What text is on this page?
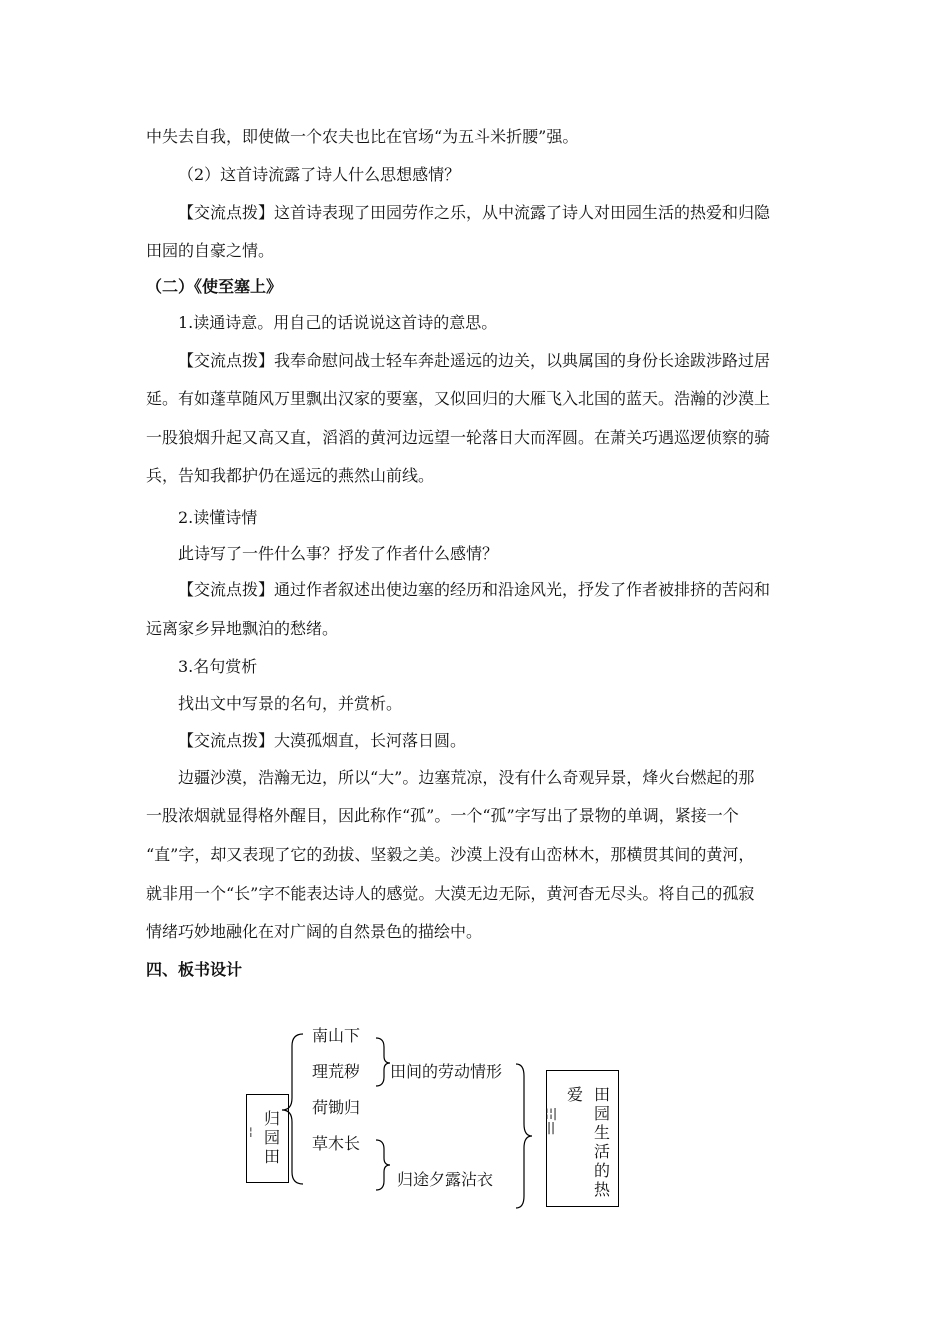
中失去自我，即使做一个农夫也比在官场“为五斗米折腰”强。
（2）这首诗流露了诗人什么思想感情？
【交流点拨】这首诗表现了田园劳作之乐，从中流露了诗人对田园生活的热爱和归隐
田园的自豪之情。
（二）《使至塞上》
1.读通诗意。用自己的话说说这首诗的意思。
【交流点拨】我奉命慰问战士轻车奔赴遥远的边关，以典属国的身份长途跋涉路过居
延。有如蓬草随风万里飘出汉家的要塞，又似回归的大雁飞入北国的蓝天。浩瀚的沙漠上
一股狼烟升起又高又直，滔滔的黄河边远望一轮落日大而浑圆。在萧关巧遇巡逻侦察的骑
兵，告知我都护仍在遥远的燕然山前线。
2.读懂诗情
此诗写了一件什么事？抒发了作者什么感情？
【交流点拨】通过作者叙述出使边塞的经历和沿途风光，抒发了作者被排挤的苦闷和
远离家乡异地飘泊的愁绪。
3.名句赏析
找出文中写景的名句，并赏析。
【交流点拨】大漠孤烟直，长河落日圆。
边疆沙漠，浩瀚无边，所以“大”。边塞荒凉，没有什么奇观异景，烽火台燃起的那
一股浓烟就显得格外醒目，因此称作“孤”。一个“孤”字写出了景物的单调，紧接一个
“直”字，却又表现了它的劲拔、坚毅之美。沙漠上没有山峦林木，那横贯其间的黄河，
就非用一个“长”字不能表达诗人的感觉。大漠无边无际，黄河杳无尽头。将自己的孤寂
情绪巧妙地融化在对广阔的自然景色的描绘中。
四、板书设计
归园田
¦
南山下
理荒秽
荷锄归
草木长
田间的劳动情形
归途夕露沾衣
田园生活的热
爱
¦¦|||
